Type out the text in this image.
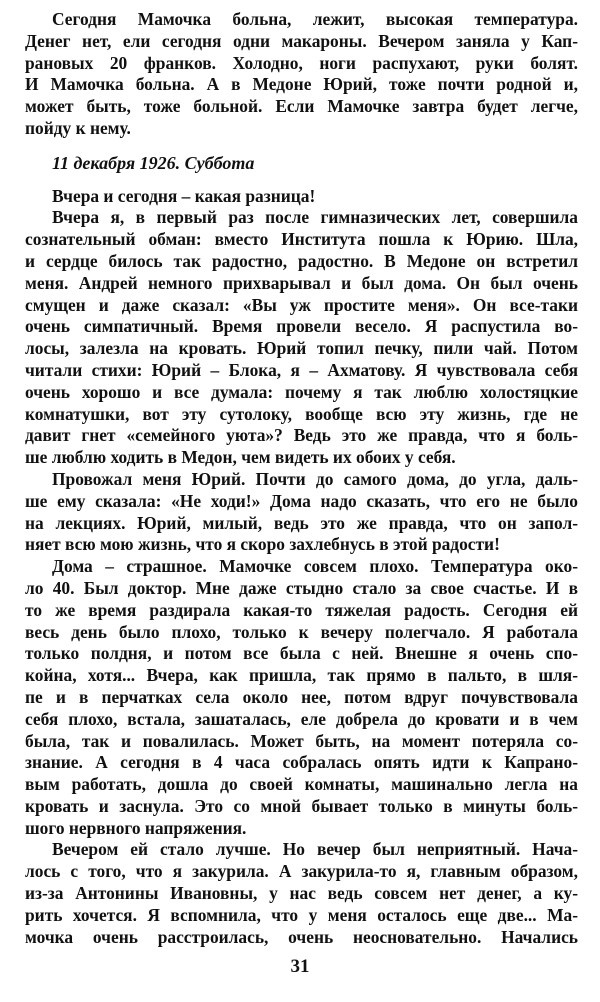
Сегодня Мамочка больна, лежит, высокая температура.
Денег нет, ели сегодня одни макароны. Вечером заняла у Кап-
рановых 20 франков. Холодно, ноги распухают, руки болят.
И Мамочка больна. А в Медоне Юрий, тоже почти родной и,
может быть, тоже больной. Если Мамочке завтра будет легче,
пойду к нему.
11 декабря 1926. Суббота
Вчера и сегодня – какая разница!
Вчера я, в первый раз после гимназических лет, совершила
сознательный обман: вместо Института пошла к Юрию. Шла,
и сердце билось так радостно, радостно. В Медоне он встретил
меня. Андрей немного прихварывал и был дома. Он был очень
смущен и даже сказал: «Вы уж простите меня». Он все-таки
очень симпатичный. Время провели весело. Я распустила во-
лосы, залезла на кровать. Юрий топил печку, пили чай. Потом
читали стихи: Юрий – Блока, я – Ахматову. Я чувствовала себя
очень хорошо и все думала: почему я так люблю холостяцкие
комнатушки, вот эту сутолоку, вообще всю эту жизнь, где не
давит гнет «семейного уюта»? Ведь это же правда, что я боль-
ше люблю ходить в Медон, чем видеть их обоих у себя.
Провожал меня Юрий. Почти до самого дома, до угла, даль-
ше ему сказала: «Не ходи!» Дома надо сказать, что его не было
на лекциях. Юрий, милый, ведь это же правда, что он запол-
няет всю мою жизнь, что я скоро захлебнусь в этой радости!
Дома – страшное. Мамочке совсем плохо. Температура око-
ло 40. Был доктор. Мне даже стыдно стало за свое счастье. И в
то же время раздирала какая-то тяжелая радость. Сегодня ей
весь день было плохо, только к вечеру полегчало. Я работала
только полдня, и потом все была с ней. Внешне я очень спо-
койна, хотя... Вчера, как пришла, так прямо в пальто, в шля-
пе и в перчатках села около нее, потом вдруг почувствовала
себя плохо, встала, зашаталась, еле добрела до кровати и в чем
была, так и повалилась. Может быть, на момент потеряла со-
знание. А сегодня в 4 часа собралась опять идти к Капрано-
вым работать, дошла до своей комнаты, машинально легла на
кровать и заснула. Это со мной бывает только в минуты боль-
шого нервного напряжения.
Вечером ей стало лучше. Но вечер был неприятный. Нача-
лось с того, что я закурила. А закурила-то я, главным образом,
из-за Антонины Ивановны, у нас ведь совсем нет денег, а ку-
рить хочется. Я вспомнила, что у меня осталось еще две... Ма-
мочка очень расстроилась, очень неосновательно. Начались
31
